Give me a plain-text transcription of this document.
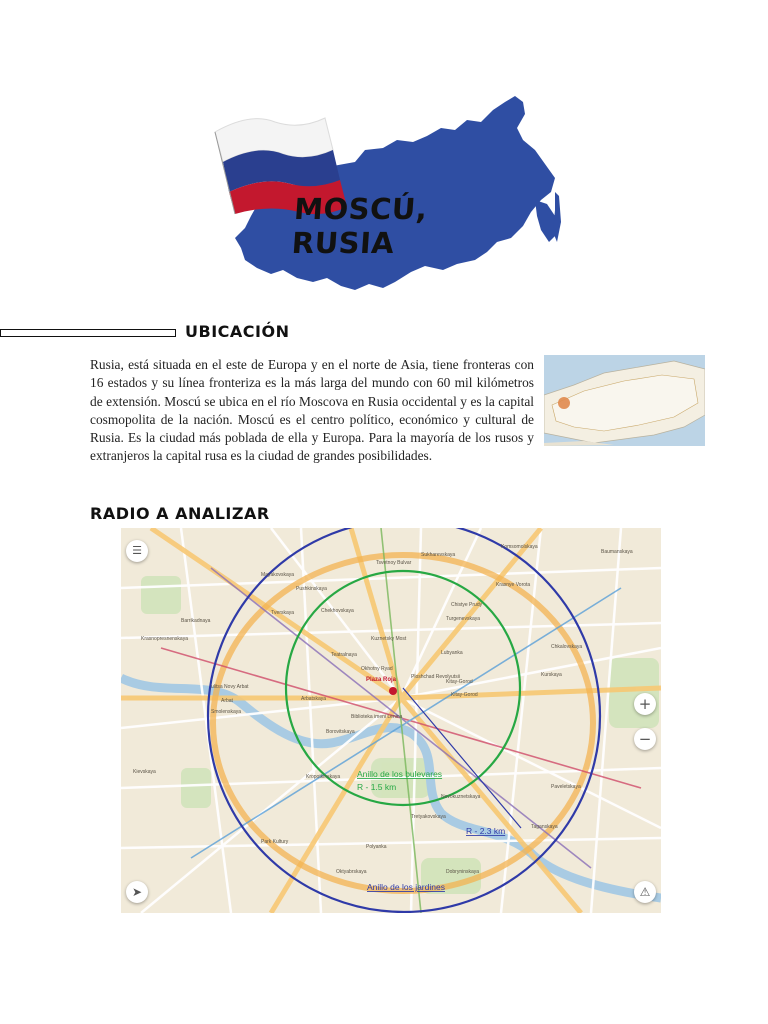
MOSCÚ, RUSIA
UBICACIÓN
Rusia, está situada en el este de Europa y en el norte de Asia, tiene fronteras con 16 estados y su línea fronteriza es la más larga del mundo con 60 mil kilómetros de extensión. Moscú se ubica en el río Moscova en Rusia occidental y es la capital cosmopolita de la nación. Moscú es el centro político, económico y cultural de Rusia. Es la ciudad más poblada de ella y Europa. Para la mayoría de los rusos y extranjeros la capital rusa es la ciudad de grandes posibilidades.
RADIO A ANALIZAR
Plaza Roja
Anillo de los bulevares
R - 1.5 km
R - 2.3 km
Anillo de los jardines
Sukharevskaya
Tsvetnoy Bulvar
Komsomolskaya
Mayakovskaya
Pushkinskaya
Chekhovskaya
Tverskaya
Krasnye Vorota
Chistye Prudy
Turgenevskaya
Kuznetsky Most
Lubyanka
Okhotny Ryad
Teatralnaya
Ploshchad Revolyutsii
Kitay-Gorod
Arbatskaya
Biblioteka imeni Lenina
Borovitskaya
Kropotkinskaya
Smolenskaya
Novokuznetskaya
Tretyakovskaya
Polyanka
Park Kultury
Oktyabrskaya	Dobryninskaya
Taganskaya
Kurskaya
Chkalovskaya
Barrikadnaya
Krasnopresnenskaya
Kievskaya
Paveletskaya
Baumanskaya
Kitay-Gorod
ulitsa Novy Arbat
Arbat
☰
+
−
➤	⚠
